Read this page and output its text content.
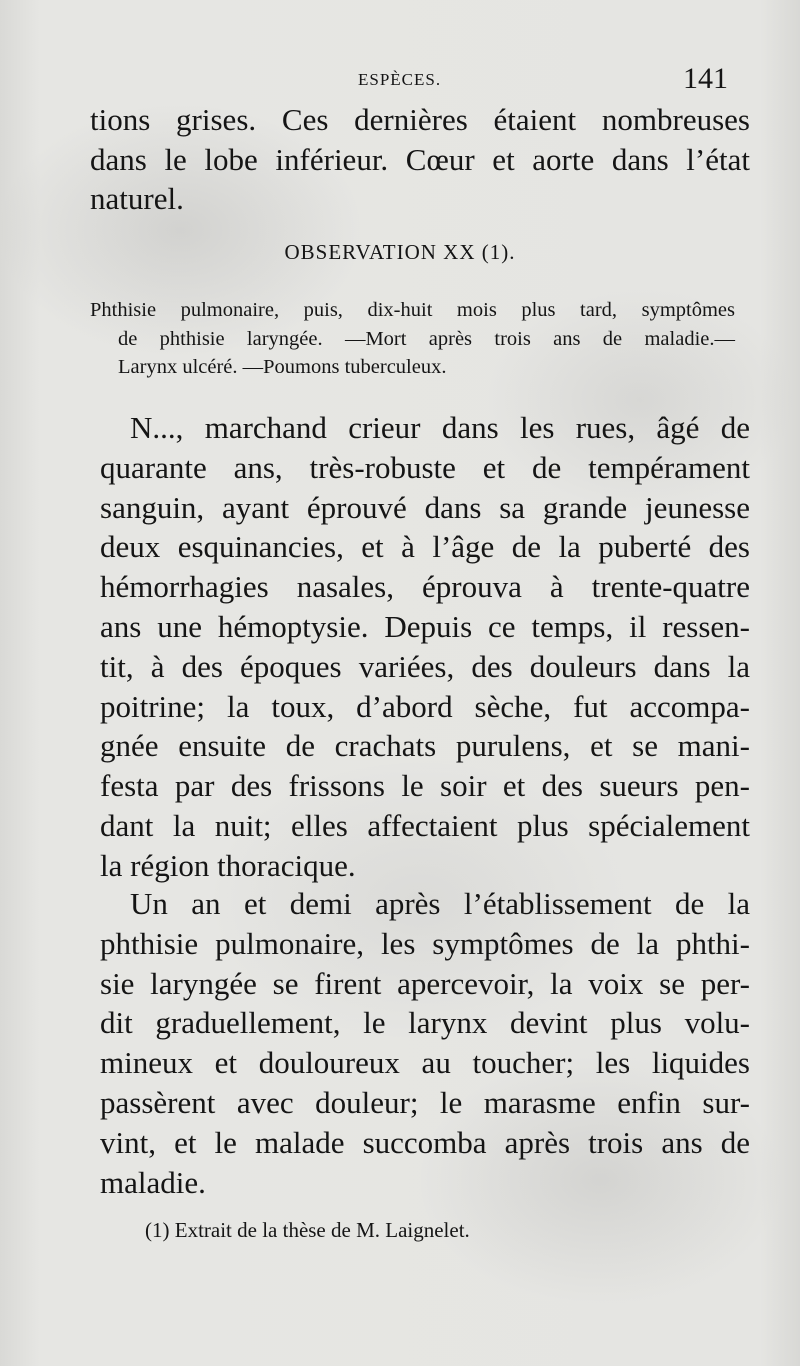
ESPÈCES.	141
tions grises. Ces dernières étaient nombreuses
dans le lobe inférieur. Cœur et aorte dans l’état
naturel.
OBSERVATION XX (1).
Phthisie pulmonaire, puis, dix-huit mois plus tard, symptômes
de phthisie laryngée. —Mort après trois ans de maladie.—
Larynx ulcéré. —Poumons tuberculeux.
N..., marchand crieur dans les rues, âgé de
quarante ans, très-robuste et de tempérament
sanguin, ayant éprouvé dans sa grande jeunesse
deux esquinancies, et à l’âge de la puberté des
hémorrhagies nasales, éprouva à trente-quatre
ans une hémoptysie. Depuis ce temps, il ressen-
tit, à des époques variées, des douleurs dans la
poitrine; la toux, d’abord sèche, fut accompa-
gnée ensuite de crachats purulens, et se mani-
festa par des frissons le soir et des sueurs pen-
dant la nuit; elles affectaient plus spécialement
la région thoracique.
Un an et demi après l’établissement de la
phthisie pulmonaire, les symptômes de la phthi-
sie laryngée se firent apercevoir, la voix se per-
dit graduellement, le larynx devint plus volu-
mineux et douloureux au toucher; les liquides
passèrent avec douleur; le marasme enfin sur-
vint, et le malade succomba après trois ans de
maladie.
(1) Extrait de la thèse de M. Laignelet.
